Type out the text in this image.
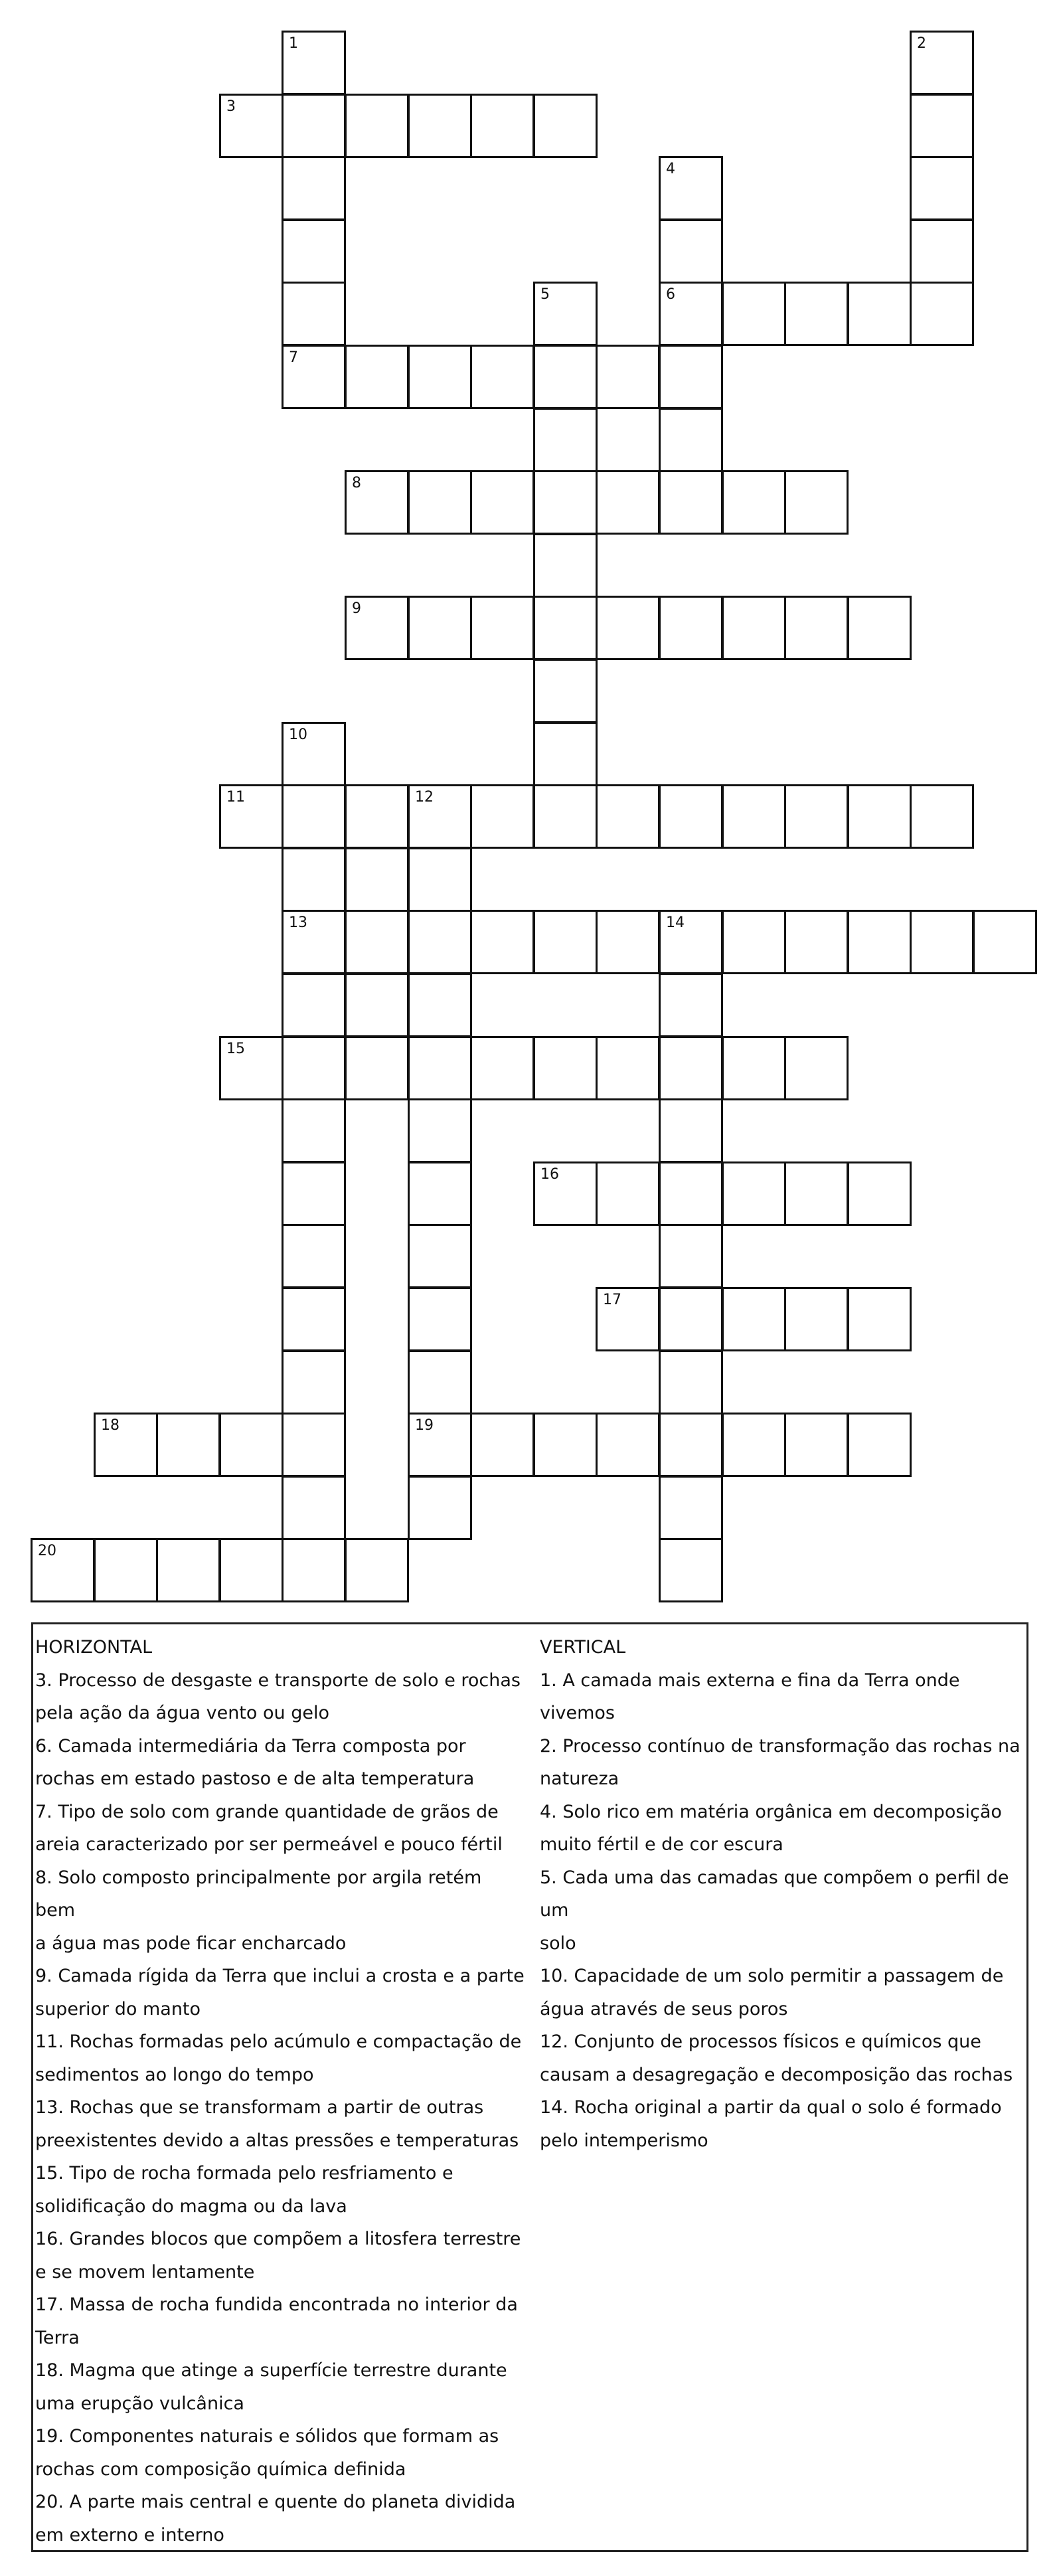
1	2
3
4
5	6
7
8
9
10
11	12
13	14
15
16
17
18	19
20

HORIZONTAL

3. Processo de desgaste e transporte de solo e rochas

pela ação da água vento ou gelo

6. Camada intermediária da Terra composta por

rochas em estado pastoso e de alta temperatura

7. Tipo de solo com grande quantidade de grãos de

areia caracterizado por ser permeável e pouco fértil

8. Solo composto principalmente por argila retém bem

a água mas pode ficar encharcado

9. Camada rígida da Terra que inclui a crosta e a parte

superior do manto

11. Rochas formadas pelo acúmulo e compactação de

sedimentos ao longo do tempo

13. Rochas que se transformam a partir de outras

preexistentes devido a altas pressões e temperaturas

15. Tipo de rocha formada pelo resfriamento e

solidificação do magma ou da lava

16. Grandes blocos que compõem a litosfera terrestre

e se movem lentamente

17. Massa de rocha fundida encontrada no interior da

Terra

18. Magma que atinge a superfície terrestre durante

uma erupção vulcânica

19. Componentes naturais e sólidos que formam as

rochas com composição química definida

20. A parte mais central e quente do planeta dividida

em externo e interno

VERTICAL

1. A camada mais externa e fina da Terra onde

vivemos

2. Processo contínuo de transformação das rochas na

natureza

4. Solo rico em matéria orgânica em decomposição

muito fértil e de cor escura

5. Cada uma das camadas que compõem o perfil de um

solo

10. Capacidade de um solo permitir a passagem de

água através de seus poros

12. Conjunto de processos físicos e químicos que

causam a desagregação e decomposição das rochas

14. Rocha original a partir da qual o solo é formado

pelo intemperismo
